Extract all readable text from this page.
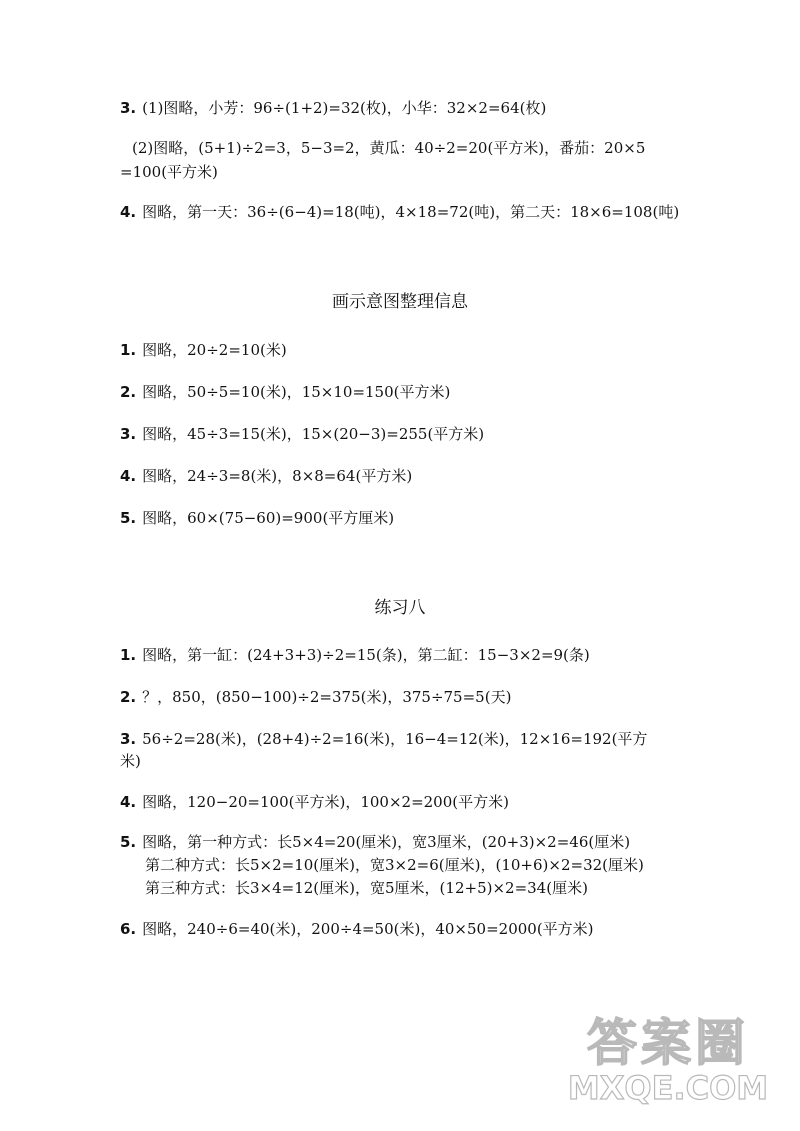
3. (1)图略，小芳：96÷(1+2)=32(枚)，小华：32×2=64(枚)
(2)图略，(5+1)÷2=3，5−3=2，黄瓜：40÷2=20(平方米)，番茄：20×5
=100(平方米)
4. 图略，第一天：36÷(6−4)=18(吨)，4×18=72(吨)，第二天：18×6=108(吨)
画示意图整理信息
1. 图略，20÷2=10(米)
2. 图略，50÷5=10(米)，15×10=150(平方米)
3. 图略，45÷3=15(米)，15×(20−3)=255(平方米)
4. 图略，24÷3=8(米)，8×8=64(平方米)
5. 图略，60×(75−60)=900(平方厘米)
练习八
1. 图略，第一缸：(24+3+3)÷2=15(条)，第二缸：15−3×2=9(条)
2. ？，850，(850−100)÷2=375(米)，375÷75=5(天)
3. 56÷2=28(米)，(28+4)÷2=16(米)，16−4=12(米)，12×16=192(平方
米)
4. 图略，120−20=100(平方米)，100×2=200(平方米)
5. 图略，第一种方式：长5×4=20(厘米)，宽3厘米，(20+3)×2=46(厘米)
第二种方式：长5×2=10(厘米)，宽3×2=6(厘米)，(10+6)×2=32(厘米)
第三种方式：长3×4=12(厘米)，宽5厘米，(12+5)×2=34(厘米)
6. 图略，240÷6=40(米)，200÷4=50(米)，40×50=2000(平方米)
答案圈
MXQE.COM
